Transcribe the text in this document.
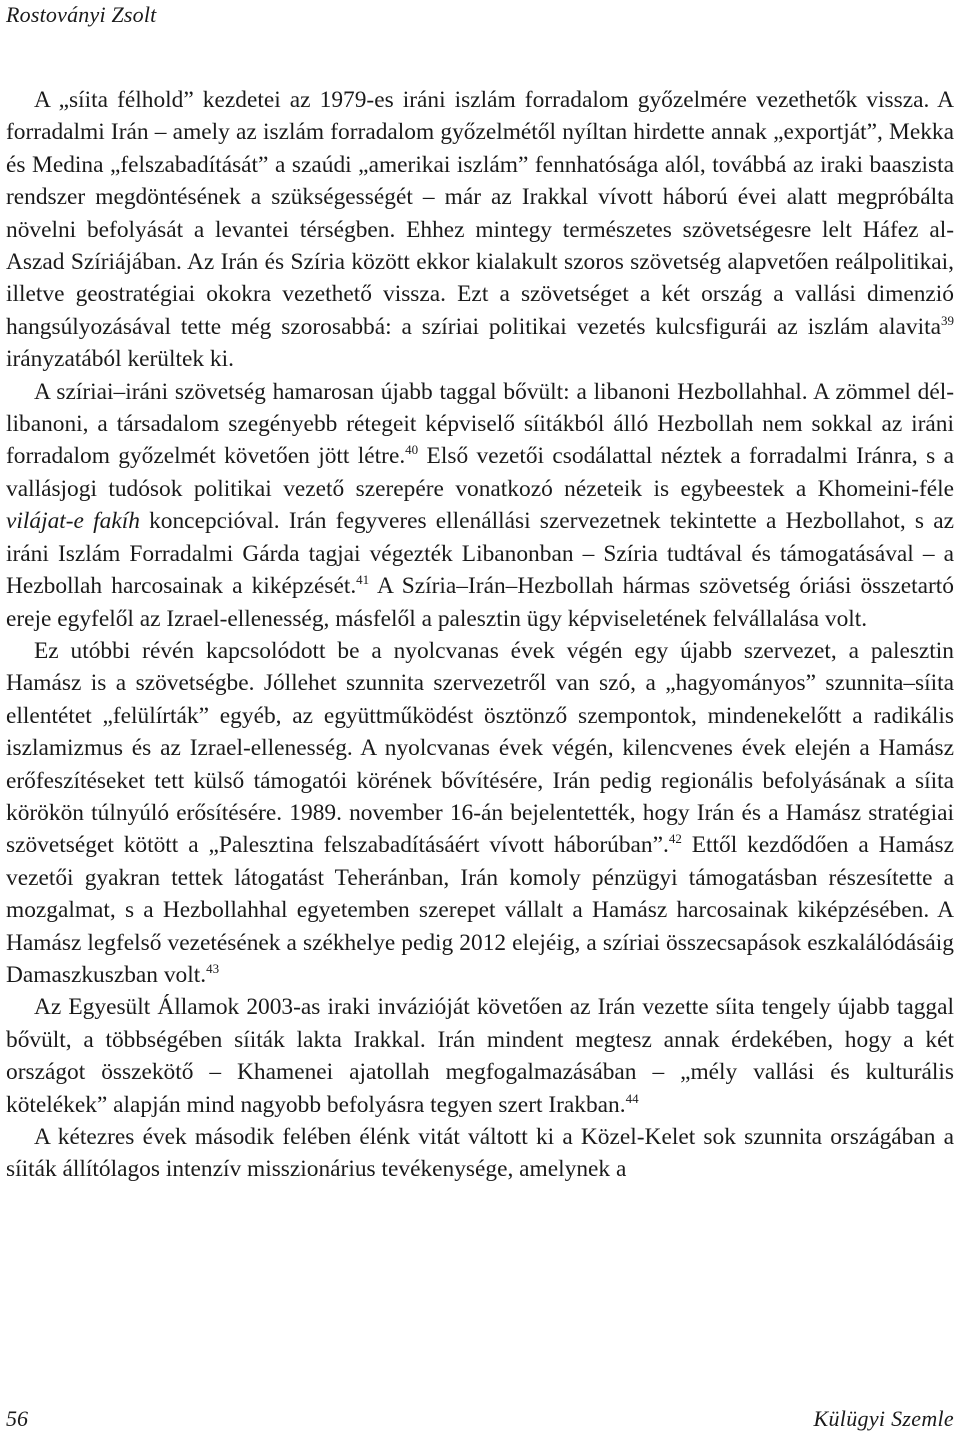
Rostoványi Zsolt

A „síita félhold” kezdetei az 1979-es iráni iszlám forradalom győzelmére vezethetők vissza. A forradalmi Irán – amely az iszlám forradalom győzelmétől nyíltan hirdette annak „exportját”, Mekka és Medina „felszabadítását” a szaúdi „amerikai iszlám” fennhatósága alól, továbbá az iraki baaszista rendszer megdöntésének a szükségességét – már az Irakkal vívott háború évei alatt megpróbálta növelni befolyását a levantei térségben. Ehhez mintegy természetes szövetségesre lelt Háfez al-Aszad Szíriájában. Az Irán és Szíria között ekkor kialakult szoros szövetség alapvetően reálpolitikai, illetve geostratégiai okokra vezethető vissza. Ezt a szövetséget a két ország a vallási dimenzió hangsúlyozásával tette még szorosabbá: a szíriai politikai vezetés kulcsfigurái az iszlám alavita$^{39}$ irányzatából kerültek ki.

A szíriai–iráni szövetség hamarosan újabb taggal bővült: a libanoni Hezbollahhal. A zömmel dél-libanoni, a társadalom szegényebb rétegeit képviselő síitákból álló Hezbollah nem sokkal az iráni forradalom győzelmét követően jött létre.$^{40}$ Első vezetői csodálattal néztek a forradalmi Iránra, s a vallásjogi tudósok politikai vezető szerepére vonatkozó nézeteik is egybeestek a Khomeini-féle vilájat-e fakíh koncepcióval. Irán fegyveres ellenállási szervezetnek tekintette a Hezbollahot, s az iráni Iszlám Forradalmi Gárda tagjai végezték Libanonban – Szíria tudtával és támogatásával – a Hezbollah harcosainak a kiképzését.$^{41}$ A Szíria–Irán–Hezbollah hármas szövetség óriási összetartó ereje egyfelől az Izrael-ellenesség, másfelől a palesztin ügy képviseletének felvállalása volt.

Ez utóbbi révén kapcsolódott be a nyolcvanas évek végén egy újabb szervezet, a palesztin Hamász is a szövetségbe. Jóllehet szunnita szervezetről van szó, a „hagyományos” szunnita–síita ellentétet „felülírták” egyéb, az együttműködést ösztönző szempontok, mindenekelőtt a radikális iszlamizmus és az Izrael-ellenesség. A nyolcvanas évek végén, kilencvenes évek elején a Hamász erőfeszítéseket tett külső támogatói körének bővítésére, Irán pedig regionális befolyásának a síita körökön túlnyúló erősítésére. 1989. november 16-án bejelentették, hogy Irán és a Hamász stratégiai szövetséget kötött a „Palesztina felszabadításáért vívott háborúban”.$^{42}$ Ettől kezdődően a Hamász vezetői gyakran tettek látogatást Teheránban, Irán komoly pénzügyi támogatásban részesítette a mozgalmat, s a Hezbollahhal egyetemben szerepet vállalt a Hamász harcosainak kiképzésében. A Hamász legfelső vezetésének a székhelye pedig 2012 elejéig, a szíriai összecsapások eszkalálódásáig Damaszkuszban volt.$^{43}$

Az Egyesült Államok 2003-as iraki invázióját követően az Irán vezette síita tengely újabb taggal bővült, a többségében síiták lakta Irakkal. Irán mindent megtesz annak érdekében, hogy a két országot összekötő – Khamenei ajatollah megfogalmazásában – „mély vallási és kulturális kötelékek” alapján mind nagyobb befolyásra tegyen szert Irakban.$^{44}$

A kétezres évek második felében élénk vitát váltott ki a Közel-Kelet sok szunnita országában a síiták állítólagos intenzív misszionárius tevékenysége, amelynek a

56	Külügyi Szemle
